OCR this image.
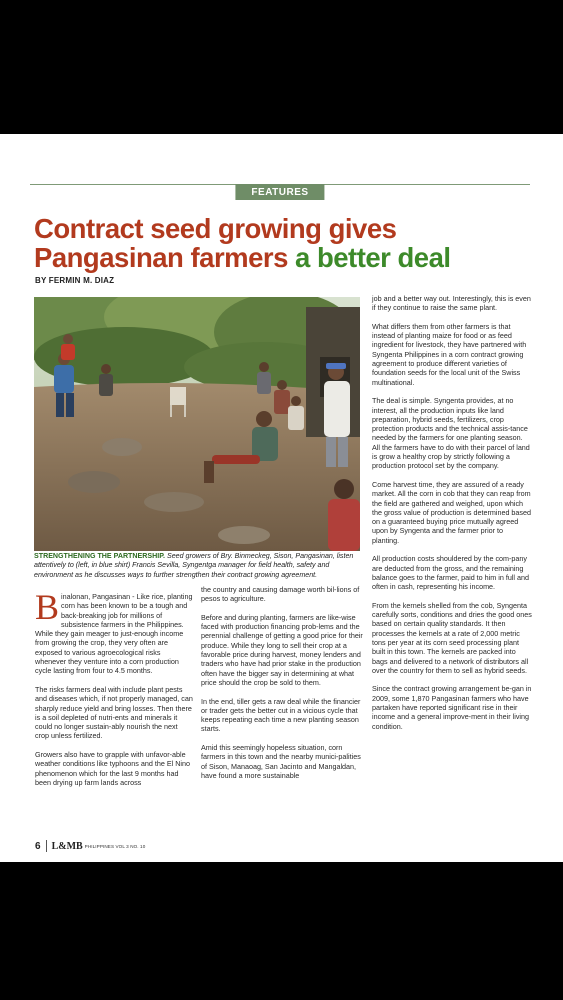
FEATURES
Contract seed growing gives
Pangasinan farmers a better deal
BY FERMIN M. DIAZ
STRENGTHENING THE PARTNERSHIP. Seed growers of Bry. Binmeckeg, Sison, Pangasinan, listen attentively to (left, in blue shirt) Francis Sevilla, Syngentga manager for field health, safety and environment as he discusses ways to further strengthen their contract growing agreement.

Binalonan, Pangasinan - Like rice, planting corn has been known to be a tough and back-breaking job for millions of subsistence farmers in the Philippines. While they gain meager to just-enough income from growing the crop, they very often are exposed to various agroecological risks whenever they venture into a corn production cycle lasting from four to 4.5 months.

The risks farmers deal with include plant pests and diseases which, if not properly managed, can sharply reduce yield and bring losses. Then there is a soil depleted of nutri-ents and minerals it could no longer sustain-ably nourish the next crop unless fertilized.

Growers also have to grapple with unfavor-able weather conditions like typhoons and the El Nino phenomenon which for the last 9 months had been drying up farm lands across

the country and causing damage worth bil-lions of pesos to agriculture.

Before and during planting, farmers are like-wise faced with production financing prob-lems and the perennial challenge of getting a good price for their produce. While they long to sell their crop at a favorable price during harvest, money lenders and traders who have had prior stake in the production often have the bigger say in determining at what price should the crop be sold to them.

In the end, tiller gets a raw deal while the financier or trader gets the better cut in a vicious cycle that keeps repeating each time a new planting season starts.

Amid this seemingly hopeless situation, corn farmers in this town and the nearby munici-palities of Sison, Manaoag, San Jacinto and Mangaldan, have found a more sustainable

job and a better way out. Interestingly, this is even if they continue to raise the same plant.

What differs them from other farmers is that instead of planting maize for food or as feed ingredient for livestock, they have partnered with Syngenta Philippines in a corn contract growing agreement to produce different varieties of foundation seeds for the local unit of the Swiss multinational.

The deal is simple. Syngenta provides, at no interest, all the production inputs like land preparation, hybrid seeds, fertilizers, crop protection products and the technical assis-tance needed by the farmers for one planting season. All the farmers have to do with their parcel of land is grow a healthy crop by strictly following a production protocol set by the company.

Come harvest time, they are assured of a ready market. All the corn in cob that they can reap from the field are gathered and weighed, upon which the gross value of production is determined based on a guaranteed buying price mutually agreed upon by Syngenta and the farmer prior to planting.

All production costs shouldered by the com-pany are deducted from the gross, and the remaining balance goes to the farmer, paid to him in full and often in cash, representing his income.

From the kernels shelled from the cob, Syngenta carefully sorts, conditions and dries the good ones based on certain quality standards. It then processes the kernels at a rate of 2,000 metric tons per year at its corn seed processing plant built in this town. The kernels are packed into bags and delivered to a network of distributors all over the country for them to sell as hybrid seeds.

Since the contract growing arrangement be-gan in 2009, some 1,870 Pangasinan farmers who have partaken have reported significant rise in their income and a general improve-ment in their living condition.

6 L&MB PHILIPPINES VOL 3 NO. 10
